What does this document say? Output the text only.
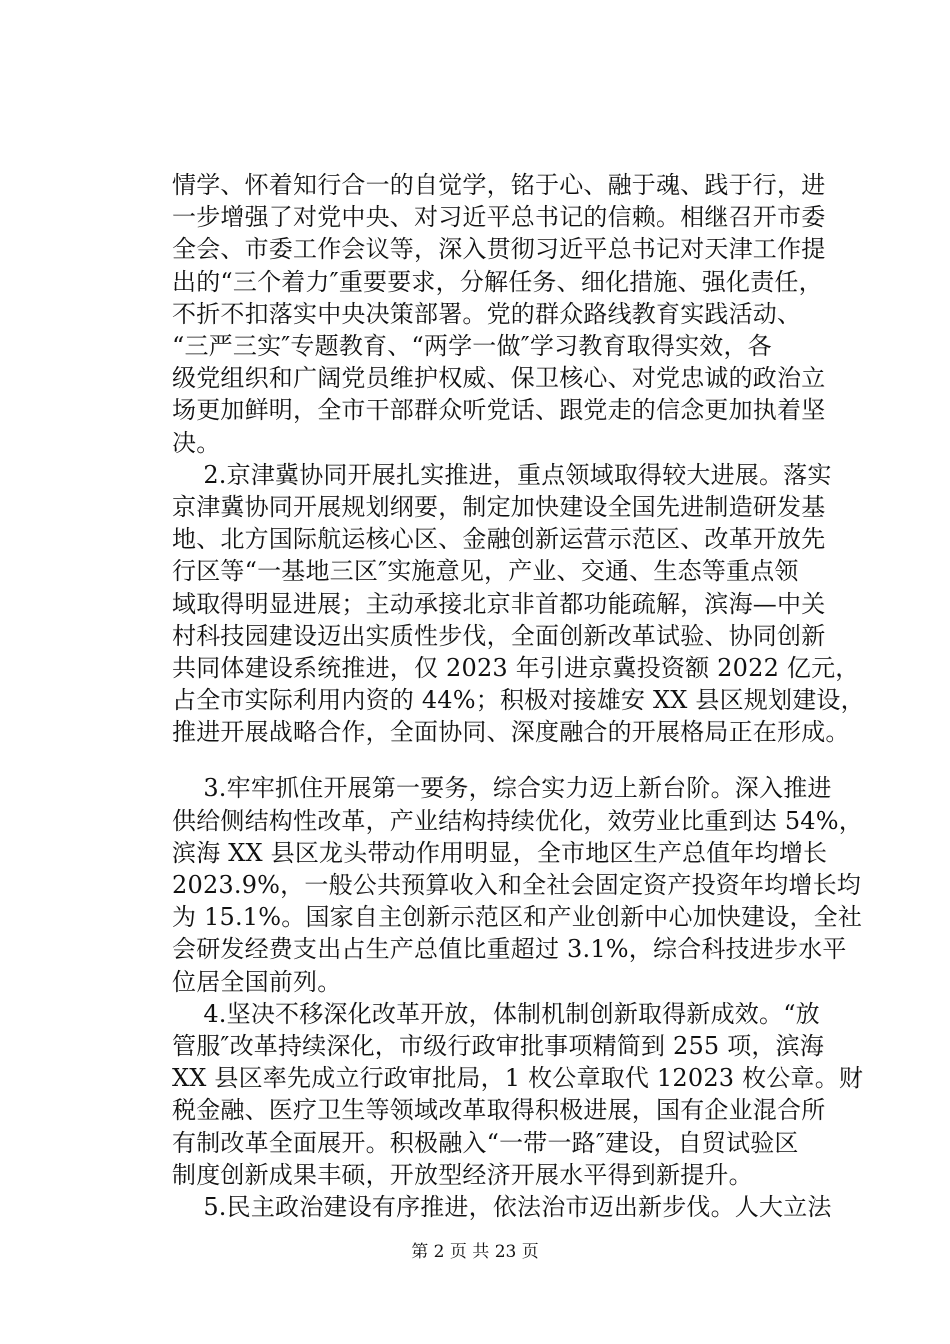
情学、怀着知行合一的自觉学，铭于心、融于魂、践于行，进
一步增强了对党中央、对习近平总书记的信赖。相继召开市委
全会、市委工作会议等，深入贯彻习近平总书记对天津工作提
出的“三个着力″重要要求，分解任务、细化措施、强化责任，
不折不扣落实中央决策部署。党的群众路线教育实践活动、
“三严三实″专题教育、“两学一做″学习教育取得实效，各
级党组织和广阔党员维护权威、保卫核心、对党忠诚的政治立
场更加鲜明，全市干部群众听党话、跟党走的信念更加执着坚
决。
2.京津冀协同开展扎实推进，重点领域取得较大进展。落实
京津冀协同开展规划纲要，制定加快建设全国先进制造研发基
地、北方国际航运核心区、金融创新运营示范区、改革开放先
行区等“一基地三区″实施意见，产业、交通、生态等重点领
域取得明显进展；主动承接北京非首都功能疏解，滨海—中关
村科技园建设迈出实质性步伐，全面创新改革试验、协同创新
共同体建设系统推进，仅 2023 年引进京冀投资额 2022 亿元，
占全市实际利用内资的 44%；积极对接雄安 XX 县区规划建设，
推进开展战略合作，全面协同、深度融合的开展格局正在形成。
3.牢牢抓住开展第一要务，综合实力迈上新台阶。深入推进
供给侧结构性改革，产业结构持续优化，效劳业比重到达 54%，
滨海 XX 县区龙头带动作用明显，全市地区生产总值年均增长
2023.9%，一般公共预算收入和全社会固定资产投资年均增长均
为 15.1%。国家自主创新示范区和产业创新中心加快建设，全社
会研发经费支出占生产总值比重超过 3.1%，综合科技进步水平
位居全国前列。
4.坚决不移深化改革开放，体制机制创新取得新成效。“放
管服″改革持续深化，市级行政审批事项精简到 255 项，滨海
XX 县区率先成立行政审批局，1 枚公章取代 12023 枚公章。财
税金融、医疗卫生等领域改革取得积极进展，国有企业混合所
有制改革全面展开。积极融入“一带一路″建设，自贸试验区
制度创新成果丰硕，开放型经济开展水平得到新提升。
5.民主政治建设有序推进，依法治市迈出新步伐。人大立法
第 2 页 共 23 页
